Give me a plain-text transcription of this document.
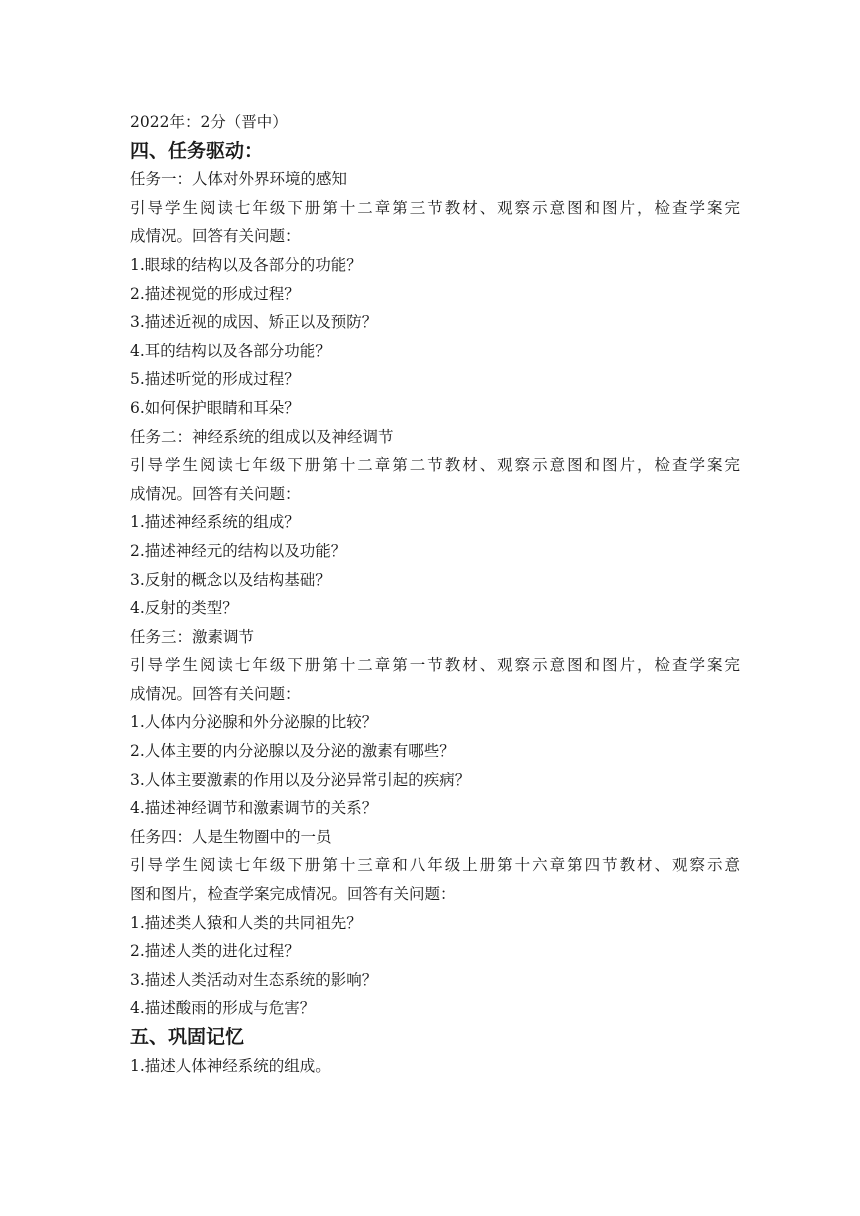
2022年：2分（晋中）
四、任务驱动：
任务一：人体对外界环境的感知
引导学生阅读七年级下册第十二章第三节教材、观察示意图和图片，检查学案完
成情况。回答有关问题：
1.眼球的结构以及各部分的功能？
2.描述视觉的形成过程？
3.描述近视的成因、矫正以及预防？
4.耳的结构以及各部分功能？
5.描述听觉的形成过程？
6.如何保护眼睛和耳朵？
任务二：神经系统的组成以及神经调节
引导学生阅读七年级下册第十二章第二节教材、观察示意图和图片，检查学案完
成情况。回答有关问题：
1.描述神经系统的组成？
2.描述神经元的结构以及功能？
3.反射的概念以及结构基础？
4.反射的类型？
任务三：激素调节
引导学生阅读七年级下册第十二章第一节教材、观察示意图和图片，检查学案完
成情况。回答有关问题：
1.人体内分泌腺和外分泌腺的比较？
2.人体主要的内分泌腺以及分泌的激素有哪些？
3.人体主要激素的作用以及分泌异常引起的疾病？
4.描述神经调节和激素调节的关系？
任务四：人是生物圈中的一员
引导学生阅读七年级下册第十三章和八年级上册第十六章第四节教材、观察示意
图和图片，检查学案完成情况。回答有关问题：
1.描述类人猿和人类的共同祖先？
2.描述人类的进化过程？
3.描述人类活动对生态系统的影响？
4.描述酸雨的形成与危害？
五、巩固记忆
1.描述人体神经系统的组成。
